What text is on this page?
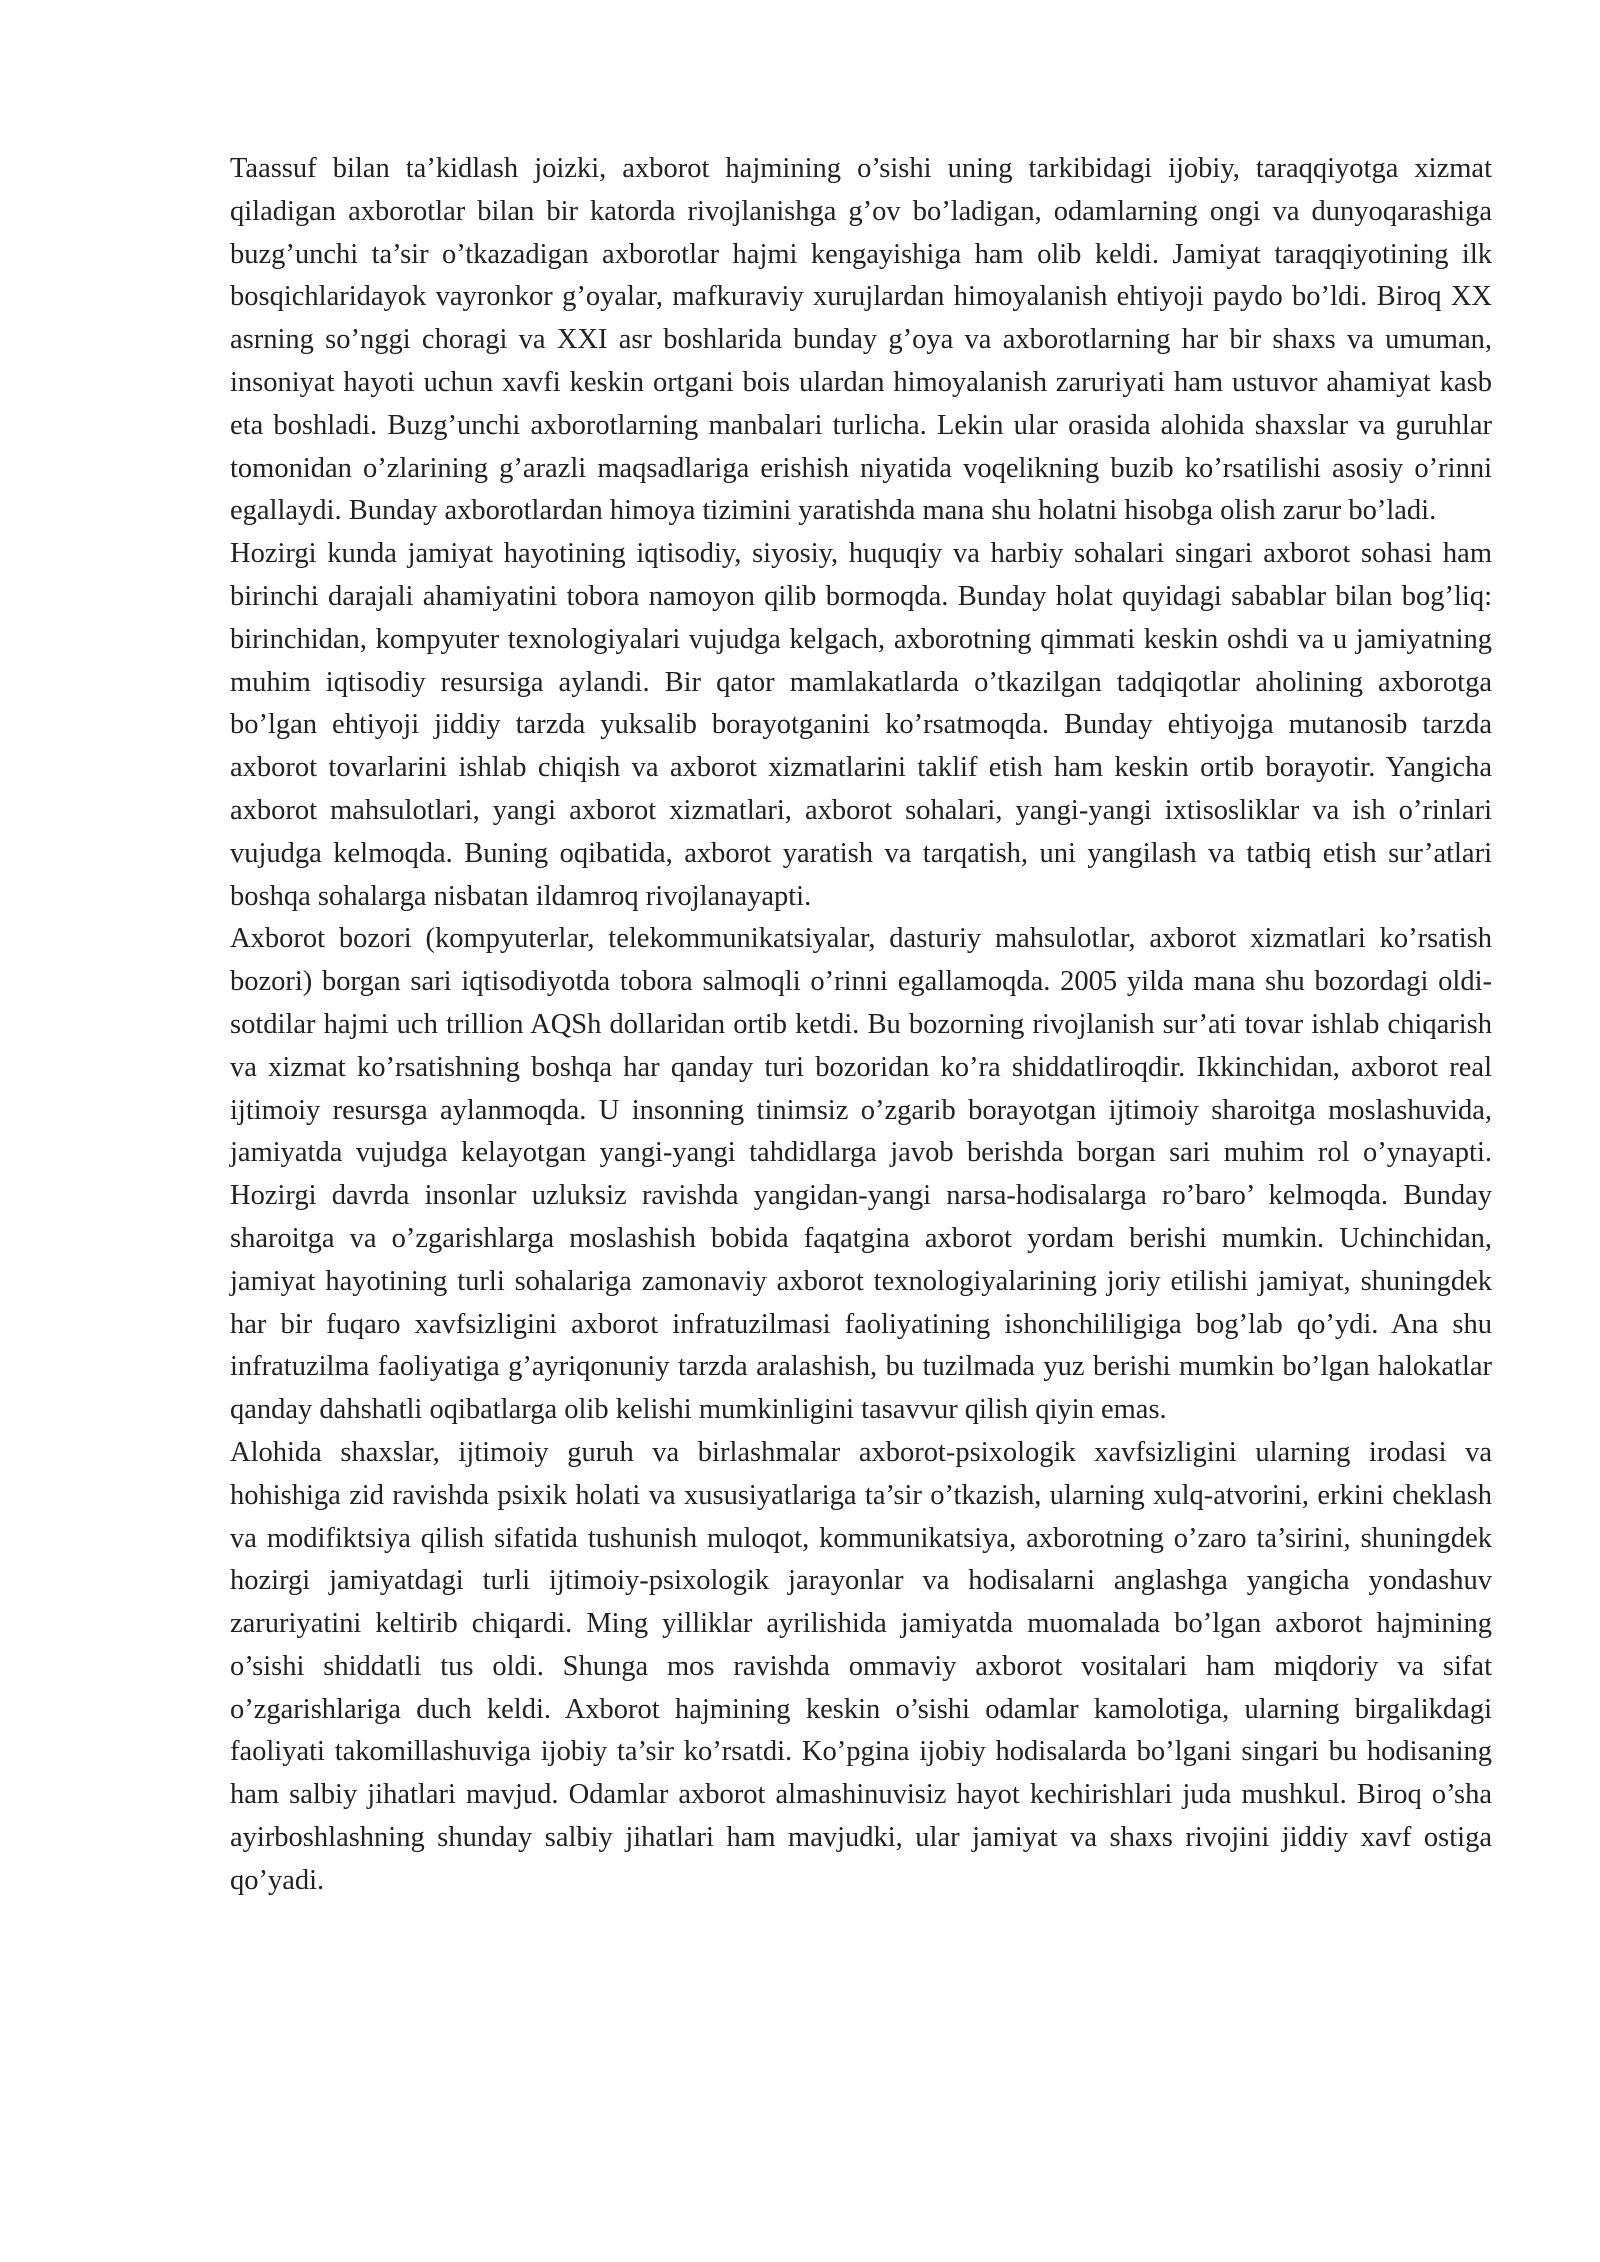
Taassuf bilan ta’kidlash joizki, axborot hajmining o’sishi uning tarkibidagi ijobiy, taraqqiyotga xizmat qiladigan axborotlar bilan bir katorda rivojlanishga g’ov bo’ladigan, odamlarning ongi va dunyoqarashiga buzg’unchi ta’sir o’tkazadigan axborotlar hajmi kengayishiga ham olib keldi. Jamiyat taraqqiyotining ilk bosqichlaridayok vayronkor g’oyalar, mafkuraviy xurujlardan himoyalanish ehtiyoji paydo bo’ldi. Biroq XX asrning so’nggi choragi va XXI asr boshlarida bunday g’oya va axborotlarning har bir shaxs va umuman, insoniyat hayoti uchun xavfi keskin ortgani bois ulardan himoyalanish zaruriyati ham ustuvor ahamiyat kasb eta boshladi. Buzg’unchi axborotlarning manbalari turlicha. Lekin ular orasida alohida shaxslar va guruhlar tomonidan o’zlarining g’arazli maqsadlariga erishish niyatida voqelikning buzib ko’rsatilishi asosiy o’rinni egallaydi. Bunday axborotlardan himoya tizimini yaratishda mana shu holatni hisobga olish zarur bo’ladi.

Hozirgi kunda jamiyat hayotining iqtisodiy, siyosiy, huquqiy va harbiy sohalari singari axborot sohasi ham birinchi darajali ahamiyatini tobora namoyon qilib bormoqda. Bunday holat quyidagi sabablar bilan bog’liq: birinchidan, kompyuter texnologiyalari vujudga kelgach, axborotning qimmati keskin oshdi va u jamiyatning muhim iqtisodiy resursiga aylandi. Bir qator mamlakatlarda o’tkazilgan tadqiqotlar aholining axborotga bo’lgan ehtiyoji jiddiy tarzda yuksalib borayotganini ko’rsatmoqda. Bunday ehtiyojga mutanosib tarzda axborot tovarlarini ishlab chiqish va axborot xizmatlarini taklif etish ham keskin ortib borayotir. Yangicha axborot mahsulotlari, yangi axborot xizmatlari, axborot sohalari, yangi-yangi ixtisosliklar va ish o’rinlari vujudga kelmoqda. Buning oqibatida, axborot yaratish va tarqatish, uni yangilash va tatbiq etish sur’atlari boshqa sohalarga nisbatan ildamroq rivojlanayapti.

Axborot bozori (kompyuterlar, telekommunikatsiyalar, dasturiy mahsulotlar, axborot xizmatlari ko’rsatish bozori) borgan sari iqtisodiyotda tobora salmoqli o’rinni egallamoqda. 2005 yilda mana shu bozordagi oldi-sotdilar hajmi uch trillion AQSh dollaridan ortib ketdi. Bu bozorning rivojlanish sur’ati tovar ishlab chiqarish va xizmat ko’rsatishning boshqa har qanday turi bozoridan ko’ra shiddatliroqdir. Ikkinchidan, axborot real ijtimoiy resursga aylanmoqda. U insonning tinimsiz o’zgarib borayotgan ijtimoiy sharoitga moslashuvida, jamiyatda vujudga kelayotgan yangi-yangi tahdidlarga javob berishda borgan sari muhim rol o’ynayapti. Hozirgi davrda insonlar uzluksiz ravishda yangidan-yangi narsa-hodisalarga ro’baro’ kelmoqda. Bunday sharoitga va o’zgarishlarga moslashish bobida faqatgina axborot yordam berishi mumkin. Uchinchidan, jamiyat hayotining turli sohalariga zamonaviy axborot texnologiyalarining joriy etilishi jamiyat, shuningdek har bir fuqaro xavfsizligini axborot infratuzilmasi faoliyatining ishonchililigiga bog’lab qo’ydi. Ana shu infratuzilma faoliyatiga g’ayriqonuniy tarzda aralashish, bu tuzilmada yuz berishi mumkin bo’lgan halokatlar qanday dahshatli oqibatlarga olib kelishi mumkinligini tasavvur qilish qiyin emas.

Alohida shaxslar, ijtimoiy guruh va birlashmalar axborot-psixologik xavfsizligini ularning irodasi va hohishiga zid ravishda psixik holati va xususiyatlariga ta’sir o’tkazish, ularning xulq-atvorini, erkini cheklash va modifiktsiya qilish sifatida tushunish muloqot, kommunikatsiya, axborotning o’zaro ta’sirini, shuningdek hozirgi jamiyatdagi turli ijtimoiy-psixologik jarayonlar va hodisalarni anglashga yangicha yondashuv zaruriyatini keltirib chiqardi. Ming yilliklar ayrilishida jamiyatda muomalada bo’lgan axborot hajmining o’sishi shiddatli tus oldi. Shunga mos ravishda ommaviy axborot vositalari ham miqdoriy va sifat o’zgarishlariga duch keldi. Axborot hajmining keskin o’sishi odamlar kamolotiga, ularning birgalikdagi faoliyati takomillashuviga ijobiy ta’sir ko’rsatdi. Ko’pgina ijobiy hodisalarda bo’lgani singari bu hodisaning ham salbiy jihatlari mavjud. Odamlar axborot almashinuvisiz hayot kechirishlari juda mushkul. Biroq o’sha ayirboshlashning shunday salbiy jihatlari ham mavjudki, ular jamiyat va shaxs rivojini jiddiy xavf ostiga qo’yadi.
